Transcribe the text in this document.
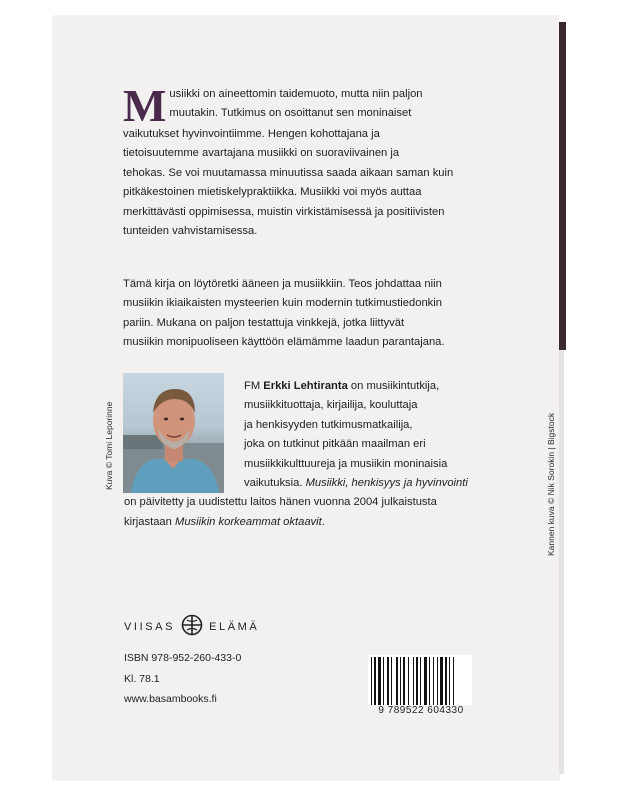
M usiikki on aineettomin taidemuoto, mutta niin paljon
muutakin. Tutkimus on osoittanut sen moninaiset
vaikutukset hyvinvointiimme. Hengen kohottajana ja
tietoisuutemme avartajana musiikki on suoraviivainen ja
tehokas. Se voi muutamassa minuutissa saada aikaan saman kuin
pitkäkestoinen mietiskelypraktiikka. Musiikki voi myös auttaa
merkittävästi oppimisessa, muistin virkistämisessä ja positiivisten
tunteiden vahvistamisessa.
Tämä kirja on löytöretki ääneen ja musiikkiin. Teos johdattaa niin
musiikin ikiaikaisten mysteerien kuin modernin tutkimustiedonkin
pariin. Mukana on paljon testattuja vinkkejä, jotka liittyvät
musiikin monipuoliseen käyttöön elämämme laadun parantajana.
Kuva © Tomi Leporinne
FM Erkki Lehtiranta on musiikintutkija,
musiikkituottaja, kirjailija, kouluttaja
ja henkisyyden tutkimusmatkailija,
joka on tutkinut pitkään maailman eri
musiikkikulttuureja ja musiikin moninaisia
vaikutuksia. Musiikki, henkisyys ja hyvinvointi
on päivitetty ja uudistettu laitos hänen vuonna 2004 julkaistusta
kirjastaan Musiikin korkeammat oktaavit.	Kannen kuva © Nik Sorokin | Bigstock
VIISAS	ELÄMÄ
ISBN 978-952-260-433-0
Kl. 78.1
www.basambooks.fi
9 789522 604330
